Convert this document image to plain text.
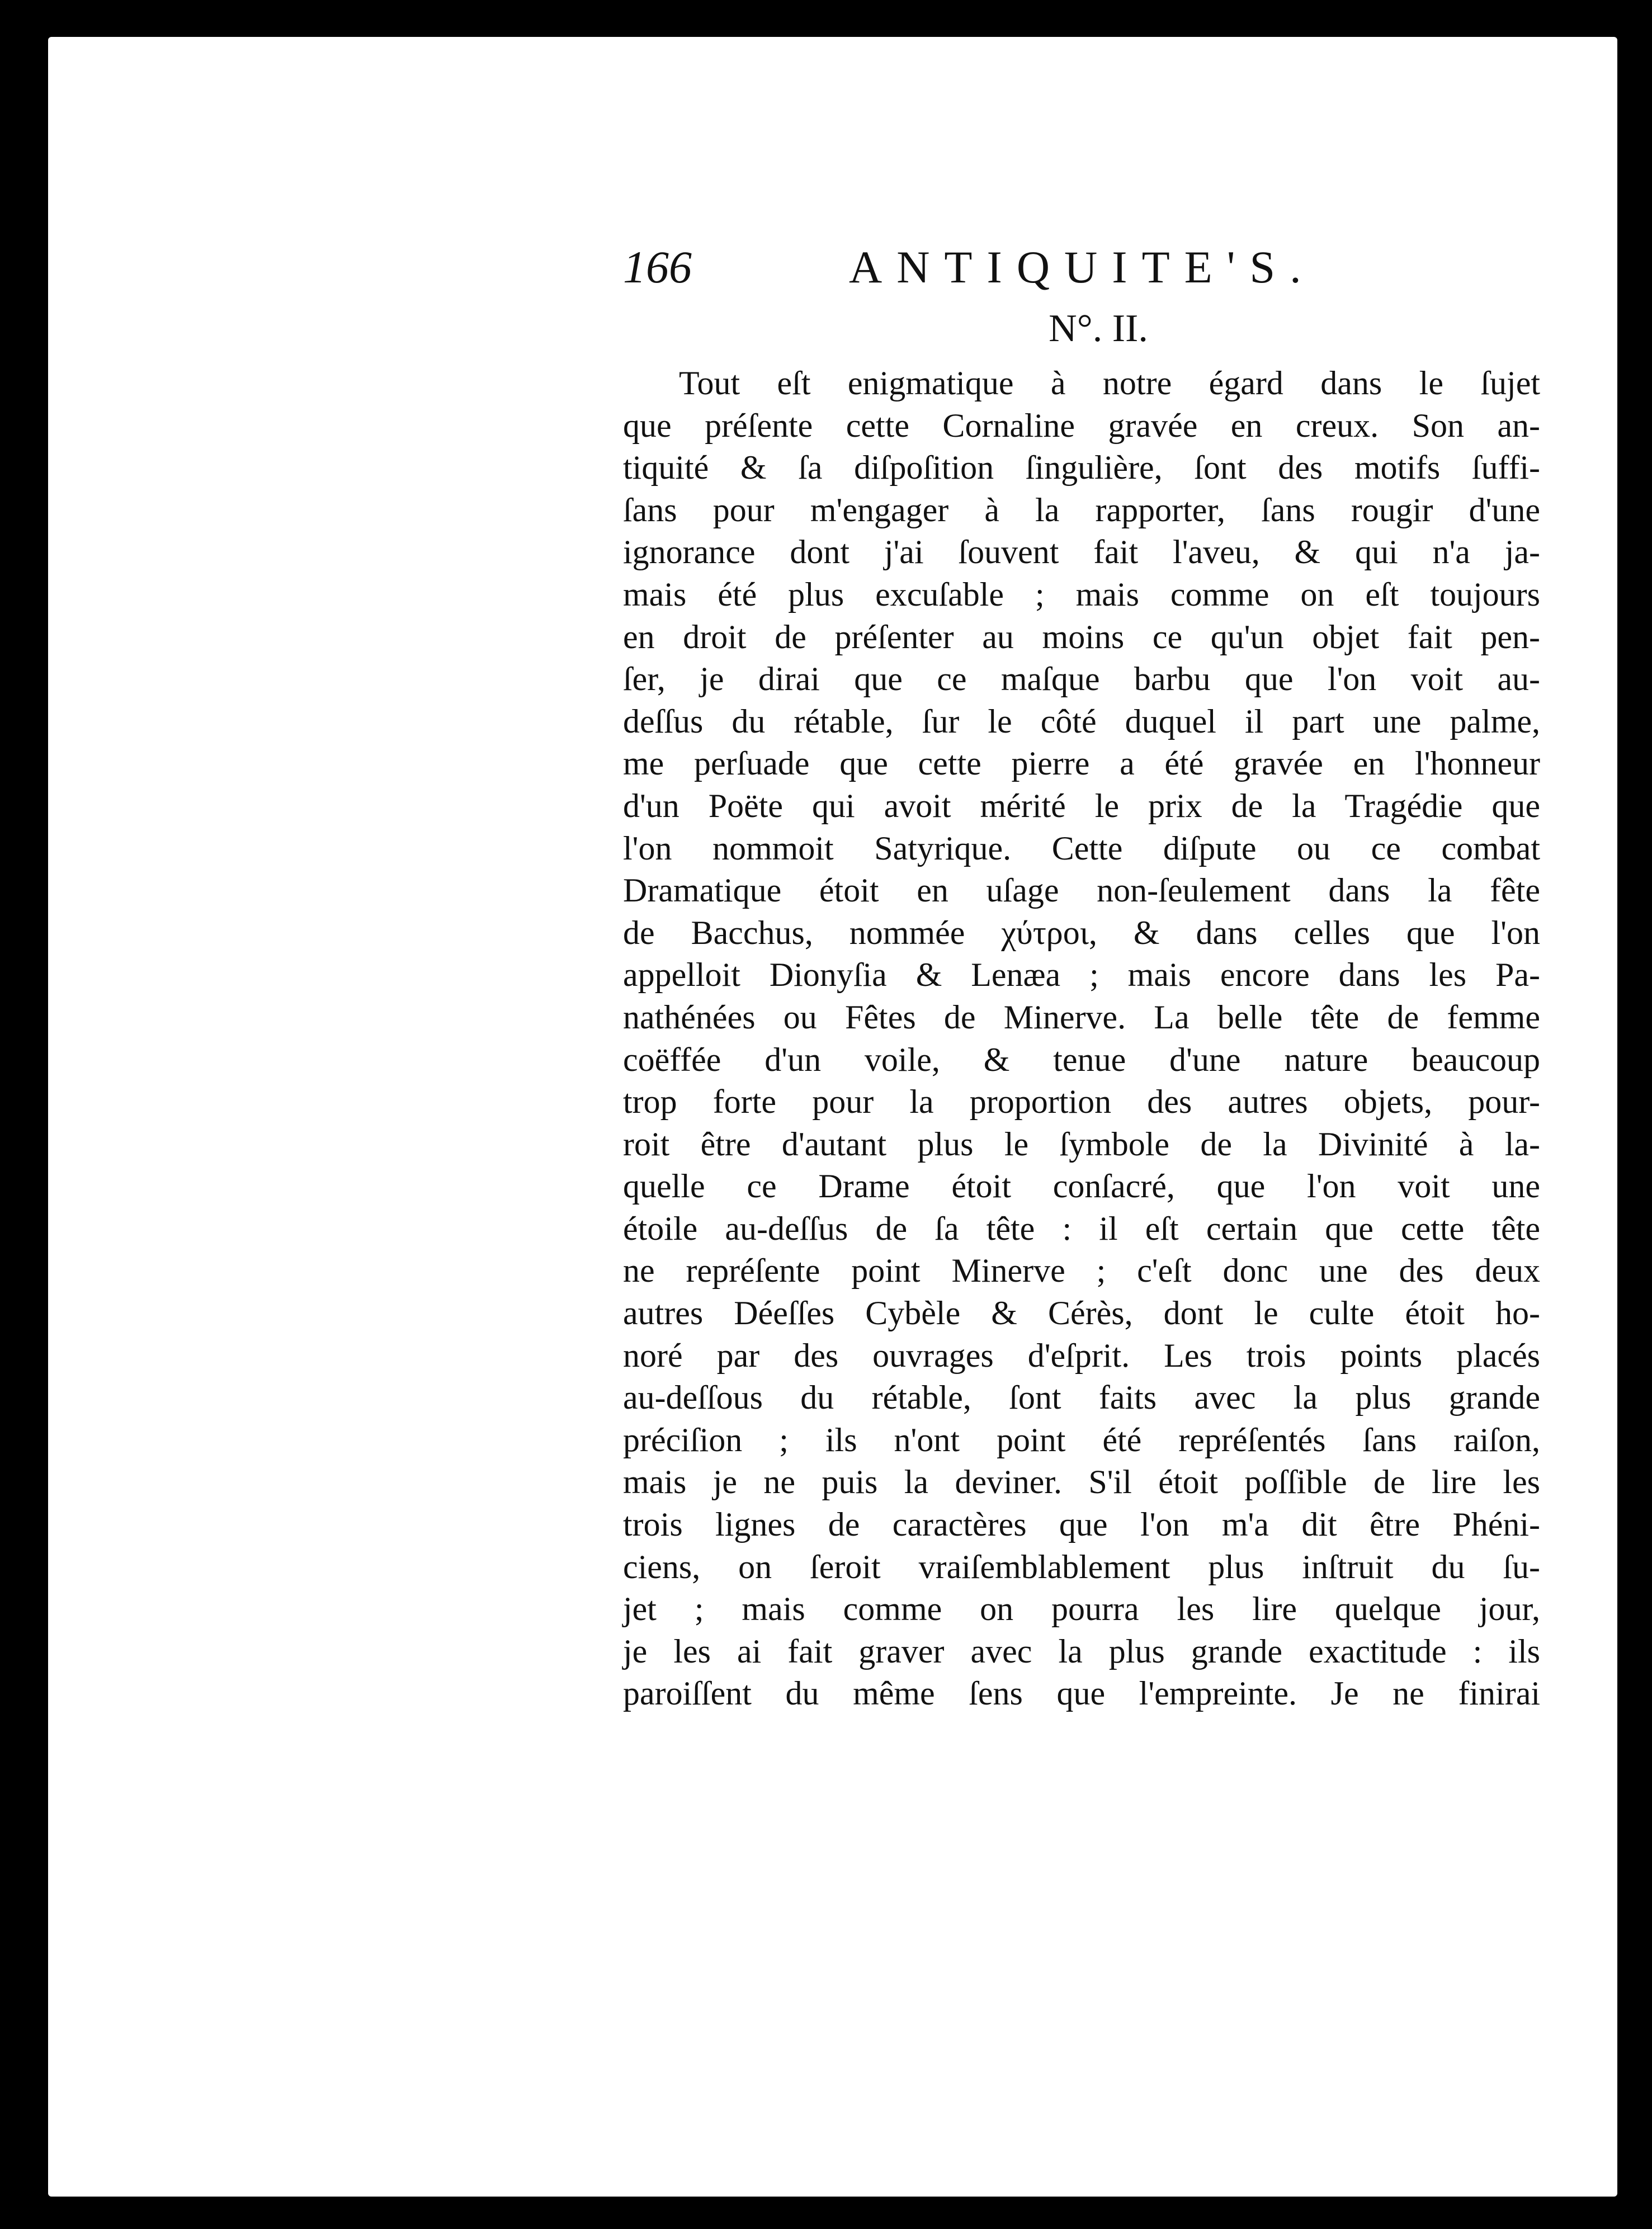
166	ANTIQUITE'S.
N°. II.
Tout eſt enigmatique à notre égard dans le ſujet
que préſente cette Cornaline gravée en creux. Son an-
tiquité & ſa diſpoſition ſingulière, ſont des motifs ſuffi-
ſans pour m'engager à la rapporter, ſans rougir d'une
ignorance dont j'ai ſouvent fait l'aveu, & qui n'a ja-
mais été plus excuſable ; mais comme on eſt toujours
en droit de préſenter au moins ce qu'un objet fait pen-
ſer, je dirai que ce maſque barbu que l'on voit au-
deſſus du rétable, ſur le côté duquel il part une palme,
me perſuade que cette pierre a été gravée en l'honneur
d'un Poëte qui avoit mérité le prix de la Tragédie que
l'on nommoit Satyrique. Cette diſpute ou ce combat
Dramatique étoit en uſage non-ſeulement dans la fête
de Bacchus, nommée χύτροι, & dans celles que l'on
appelloit Dionyſia & Lenæa ; mais encore dans les Pa-
nathénées ou Fêtes de Minerve. La belle tête de femme
coëffée d'un voile, & tenue d'une nature beaucoup
trop forte pour la proportion des autres objets, pour-
roit être d'autant plus le ſymbole de la Divinité à la-
quelle ce Drame étoit conſacré, que l'on voit une
étoile au-deſſus de ſa tête : il eſt certain que cette tête
ne repréſente point Minerve ; c'eſt donc une des deux
autres Déeſſes Cybèle & Cérès, dont le culte étoit ho-
noré par des ouvrages d'eſprit. Les trois points placés
au-deſſous du rétable, ſont faits avec la plus grande
préciſion ; ils n'ont point été repréſentés ſans raiſon,
mais je ne puis la deviner. S'il étoit poſſible de lire les
trois lignes de caractères que l'on m'a dit être Phéni-
ciens, on ſeroit vraiſemblablement plus inſtruit du ſu-
jet ; mais comme on pourra les lire quelque jour,
je les ai fait graver avec la plus grande exactitude : ils
paroiſſent du même ſens que l'empreinte. Je ne finirai
